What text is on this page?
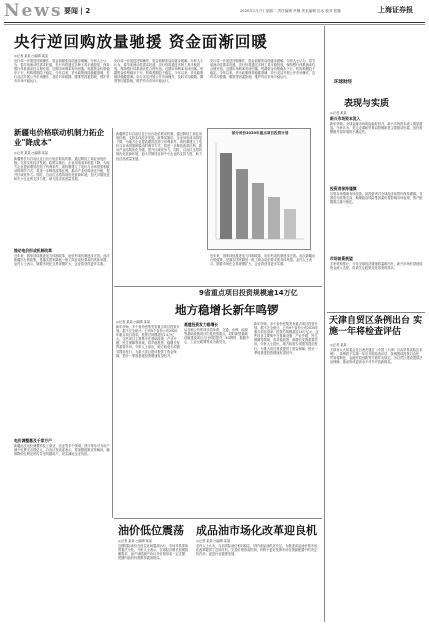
News 要闻 | 2	2020年1月7日 星期二 责任编辑 肖楠 美术编辑 沈冰 校对 张娜	上海证券报
央行逆回购放量驰援 资金面渐回暖
◎记者 某某 ○编辑 某某
央行周一开展逆回购操作，资金面紧张局面逐步缓解。分析人士认为，春节前流动性需求旺盛，央行仍将通过多种工具平稳投放，保持银行体系流动性合理充裕。近期市场利率有所回落，短端资金价格稳步下行，机构预期趋于稳定。今年以来，货币政策保持稳健基调，央行灵活开展公开市场操作，及时对冲税期、缴准等因素影响，维护货币市场平稳运行。
央行周一开展逆回购操作，资金面紧张局面逐步缓解。分析人士认为，春节前流动性需求旺盛，央行仍将通过多种工具平稳投放，保持银行体系流动性合理充裕。近期市场利率有所回落，短端资金价格稳步下行，机构预期趋于稳定。今年以来，货币政策保持稳健基调，央行灵活开展公开市场操作，及时对冲税期、缴准等因素影响，维护货币市场平稳运行。
央行周一开展逆回购操作，资金面紧张局面逐步缓解。分析人士认为，春节前流动性需求旺盛，央行仍将通过多种工具平稳投放，保持银行体系流动性合理充裕。近期市场利率有所回落，短端资金价格稳步下行，机构预期趋于稳定。今年以来，货币政策保持稳健基调，央行灵活开展公开市场操作，及时对冲税期、缴准等因素影响，维护货币市场平稳运行。
部分省份2020年重点项目投资计划
新疆电价格联动机制力拓企业"降成本"
◎记者 某某 ○编辑 某某
新疆维吾尔自治区近日出台电价联动机制，通过降低工商业用电价格，支持实体经济发展。政策实施后，企业用电成本明显下降，为地方企业提质增效创造了有利条件。该机制建立了电价与市场供需相联动的调节方式，将进一步释放改革红利，推动产业结构优化升级，提升区域竞争力。同时，自治区还将持续优化营商环境，加大对制造业和中小企业的支持力度，助力经济高质量发展。
推动电价形成机制改革
近年来，国家持续推进电力体制改革，电价形成机制逐步完善。此次新疆出台的政策，是落实国家降低一般工商业电价要求的具体举措。业内人士表示，随着市场化交易规模扩大，企业将获得更多实惠。
电价调整惠及千家万户
新疆此次电价调整涉及工商业、农业等多个领域，预计每年可为用户减少电费支出数亿元。自治区发改委表示，将加强政策宣传解读，确保降价红利及时传导至终端用户，切实减轻企业负担。
新疆维吾尔自治区近日出台电价联动机制，通过降低工商业用电价格，支持实体经济发展。政策实施后，企业用电成本明显下降，为地方企业提质增效创造了有利条件。该机制建立了电价与市场供需相联动的调节方式，将进一步释放改革红利，推动产业结构优化升级，提升区域竞争力。同时，自治区还将持续优化营商环境，加大对制造业和中小企业的支持力度，助力经济高质量发展。
近年来，国家持续推进电力体制改革，电价形成机制逐步完善。此次新疆出台的政策，是落实国家降低一般工商业电价要求的具体举措。业内人士表示，随着市场化交易规模扩大，企业将获得更多实惠。
9省重点项目投资规模逾14万亿
地方稳增长新年鸣锣
◎记者 某某 ○编辑 某某
新年伊始，多个省份密集发布重点项目投资计划。据不完全统计，已有9个省份公布2020年重点项目清单，投资总规模超过14万亿元。这些项目主要集中在基础设施、产业升级、民生保障等领域，将对稳投资、稳增长发挥重要作用。分析人士指出，地方政府专项债券提前发行，为重大项目建设提供了资金保障，预计一季度基建投资增速有望回升。
基建投资发力稳增长
从各地公布的项目清单看，交通、水利、能源等基础设施项目仍是投资重点，同时新型基础设施建设项目占比明显提升，5G网络、数据中心、工业互联网等成为新亮点。
新年伊始，多个省份密集发布重点项目投资计划。据不完全统计，已有9个省份公布2020年重点项目清单，投资总规模超过14万亿元。这些项目主要集中在基础设施、产业升级、民生保障等领域，将对稳投资、稳增长发挥重要作用。分析人士指出，地方政府专项债券提前发行，为重大项目建设提供了资金保障，预计一季度基建投资增速有望回升。
油价低位震荡
◎记者 某某 ○编辑 某某
近期国际油价在低位区间震荡运行，市场对供需前景看法分化。分析人士表示，全球经济增长放缓拖累需求，而产油国减产协议对价格形成一定支撑，短期内油价仍将维持震荡格局。
成品油市场化改革迎良机
◎记者 某某 ○编辑 某某
业内人士认为，当前国际油价相对稳定，国内成品油供应充足，为推进成品油价格市场化改革提供了良好时机。完善价格形成机制，有利于更好发挥市场在资源配置中的决定性作用，促进行业健康发展。
环球财经
表现与实质
◎记者 某某
新兴市场资本流入
新年伊始，全球金融市场风险偏好回升，新兴市场资本流入明显增加。分析认为，美元走弱和贸易局势缓和是主要推动因素，但仍需警惕外部环境的不确定性。
投资者保持谨慎
尽管市场情绪有所改善，但投资者对全球经济前景仍保持谨慎。各国央行政策走向、地缘政治风险等因素仍将影响市场表现，资产配置需注重分散化。
市场前景展望
多家机构预计，今年全球经济增速将温和回升，新兴市场有望延续资金流入态势，但需关注政策变化带来的波动。
天津自贸区条例出台 实施一年将检查评估
◎记者 某某
天津市人大常委会近日表决通过《中国（天津）自由贸易试验区条例》，条例将于实施一年后开展检查评估。条例围绕投资自由化、贸易便利化、金融开放创新等方面作出规定，为自贸区建设提供法治保障，推动形成更高水平对外开放新格局。
